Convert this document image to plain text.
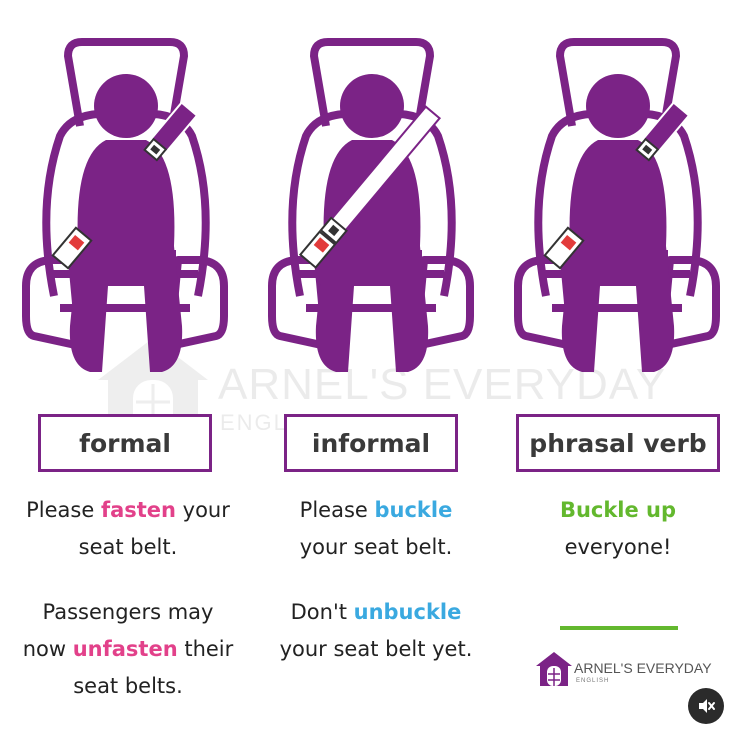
formal	informal	phrasal verb
Please fasten your
seat belt.
Passengers may
now unfasten their
seat belts.
Please buckle
your seat belt.
Don't unbuckle
your seat belt yet.
Buckle up
everyone!
ARNEL'S EVERYDAY
ENGLISH
